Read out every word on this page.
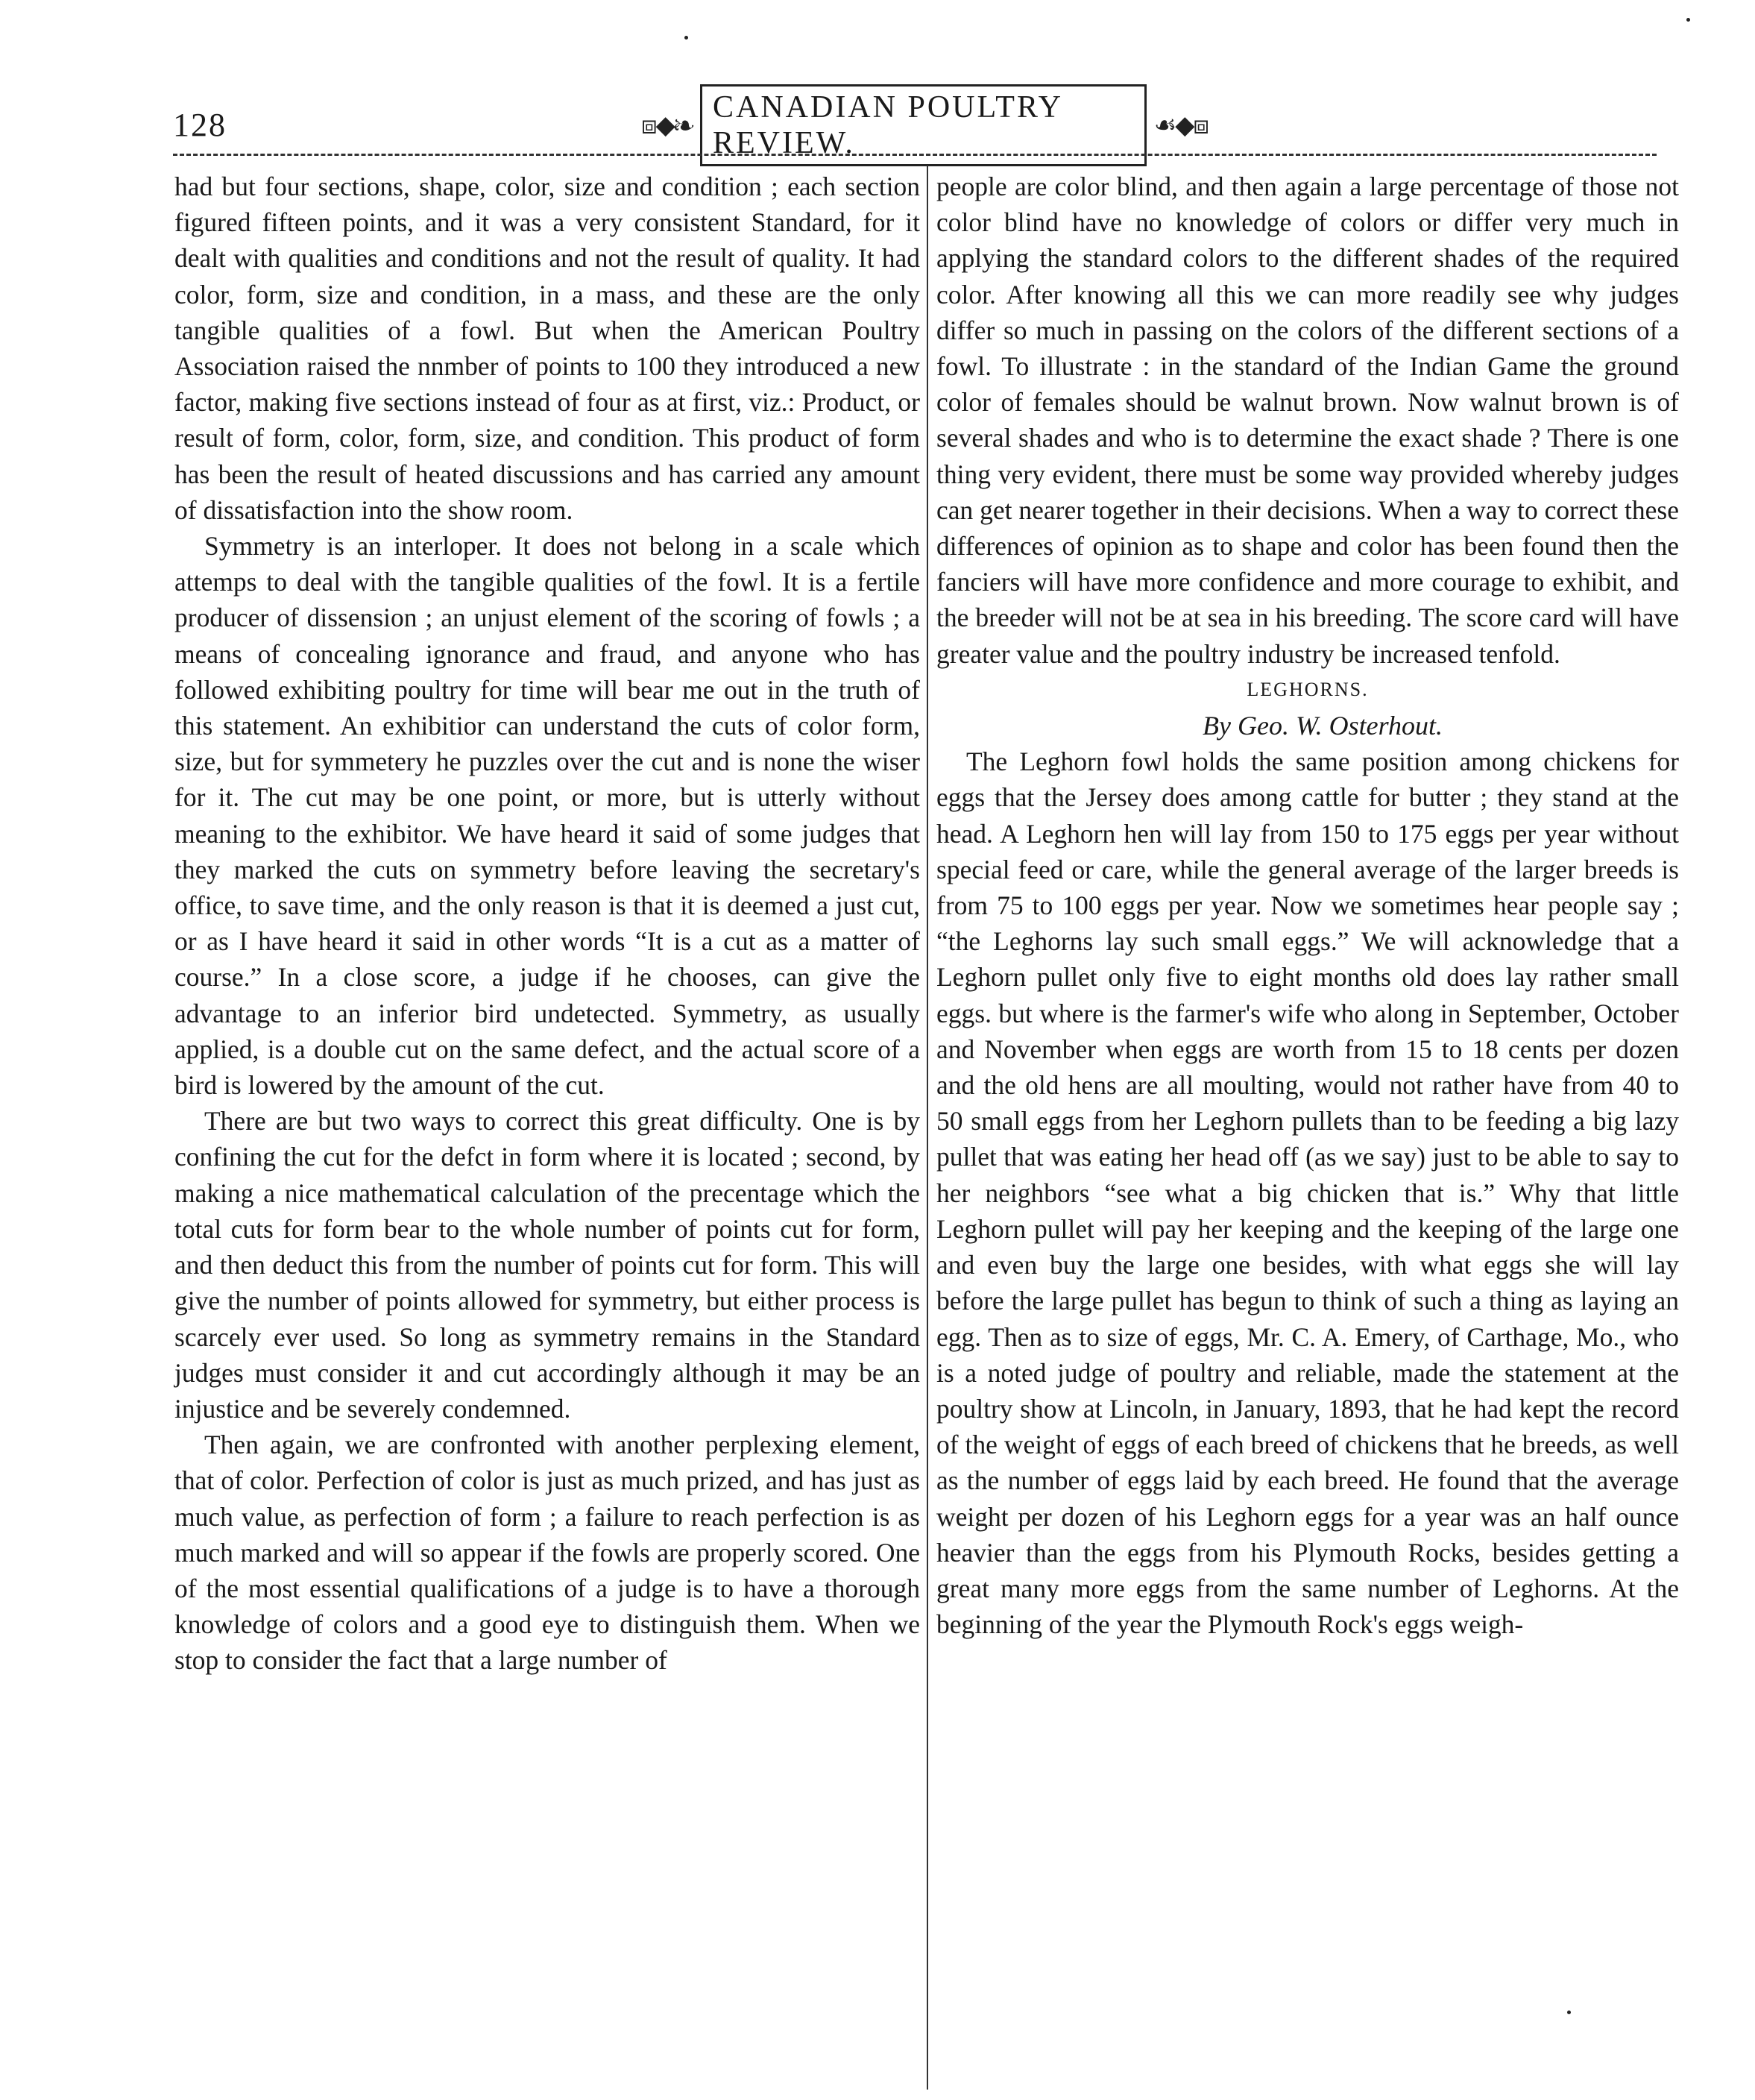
128	⧈◆❧
CANADIAN POULTRY REVIEW.
☙◆⧈

had but four sections, shape, color, size and condition ; each section figured fifteen points, and it was a very consistent Standard, for it dealt with qualities and conditions and not the result of quality. It had color, form, size and condition, in a mass, and these are the only tangible qualities of a fowl. But when the American Poultry Association raised the nnmber of points to 100 they introduced a new factor, making five sections instead of four as at first, viz.: Product, or result of form, color, form, size, and condition. This product of form has been the result of heated discussions and has carried any amount of dissatisfaction into the show room.

Symmetry is an interloper. It does not belong in a scale which attemps to deal with the tangible qualities of the fowl. It is a fertile producer of dissension ; an unjust element of the scoring of fowls ; a means of concealing ignorance and fraud, and anyone who has followed exhibiting poultry for time will bear me out in the truth of this statement. An exhibitior can understand the cuts of color form, size, but for symmetery he puzzles over the cut and is none the wiser for it. The cut may be one point, or more, but is utterly without meaning to the exhibitor. We have heard it said of some judges that they marked the cuts on symmetry before leaving the secretary's office, to save time, and the only reason is that it is deemed a just cut, or as I have heard it said in other words “It is a cut as a matter of course.” In a close score, a judge if he chooses, can give the advantage to an inferior bird undetected. Symmetry, as usually applied, is a double cut on the same defect, and the actual score of a bird is lowered by the amount of the cut.

There are but two ways to correct this great difficulty. One is by confining the cut for the defct in form where it is located ; second, by making a nice mathematical calculation of the precentage which the total cuts for form bear to the whole number of points cut for form, and then deduct this from the number of points cut for form. This will give the number of points allowed for symmetry, but either process is scarcely ever used. So long as symmetry remains in the Standard judges must consider it and cut accordingly although it may be an injustice and be severely condemned.

Then again, we are confronted with another perplexing element, that of color. Perfection of color is just as much prized, and has just as much value, as perfection of form ; a failure to reach perfection is as much marked and will so appear if the fowls are properly scored. One of the most essential qualifications of a judge is to have a thorough knowledge of colors and a good eye to distinguish them. When we stop to consider the fact that a large number of

people are color blind, and then again a large percentage of those not color blind have no knowledge of colors or differ very much in applying the standard colors to the different shades of the required color. After knowing all this we can more readily see why judges differ so much in passing on the colors of the different sections of a fowl. To illustrate : in the standard of the Indian Game the ground color of females should be walnut brown. Now walnut brown is of several shades and who is to determine the exact shade ? There is one thing very evident, there must be some way provided whereby judges can get nearer together in their decisions. When a way to correct these differences of opinion as to shape and color has been found then the fanciers will have more confidence and more courage to exhibit, and the breeder will not be at sea in his breeding. The score card will have greater value and the poultry industry be increased tenfold.

LEGHORNS.

By Geo. W. Osterhout.

The Leghorn fowl holds the same position among chickens for eggs that the Jersey does among cattle for butter ; they stand at the head. A Leghorn hen will lay from 150 to 175 eggs per year without special feed or care, while the general average of the larger breeds is from 75 to 100 eggs per year. Now we sometimes hear people say ; “the Leghorns lay such small eggs.” We will acknowledge that a Leghorn pullet only five to eight months old does lay rather small eggs. but where is the farmer's wife who along in September, October and November when eggs are worth from 15 to 18 cents per dozen and the old hens are all moulting, would not rather have from 40 to 50 small eggs from her Leghorn pullets than to be feeding a big lazy pullet that was eating her head off (as we say) just to be able to say to her neighbors “see what a big chicken that is.” Why that little Leghorn pullet will pay her keeping and the keeping of the large one and even buy the large one besides, with what eggs she will lay before the large pullet has begun to think of such a thing as laying an egg. Then as to size of eggs, Mr. C. A. Emery, of Carthage, Mo., who is a noted judge of poultry and reliable, made the statement at the poultry show at Lincoln, in January, 1893, that he had kept the record of the weight of eggs of each breed of chickens that he breeds, as well as the number of eggs laid by each breed. He found that the average weight per dozen of his Leghorn eggs for a year was an half ounce heavier than the eggs from his Plymouth Rocks, besides getting a great many more eggs from the same number of Leghorns. At the beginning of the year the Plymouth Rock's eggs weigh-
